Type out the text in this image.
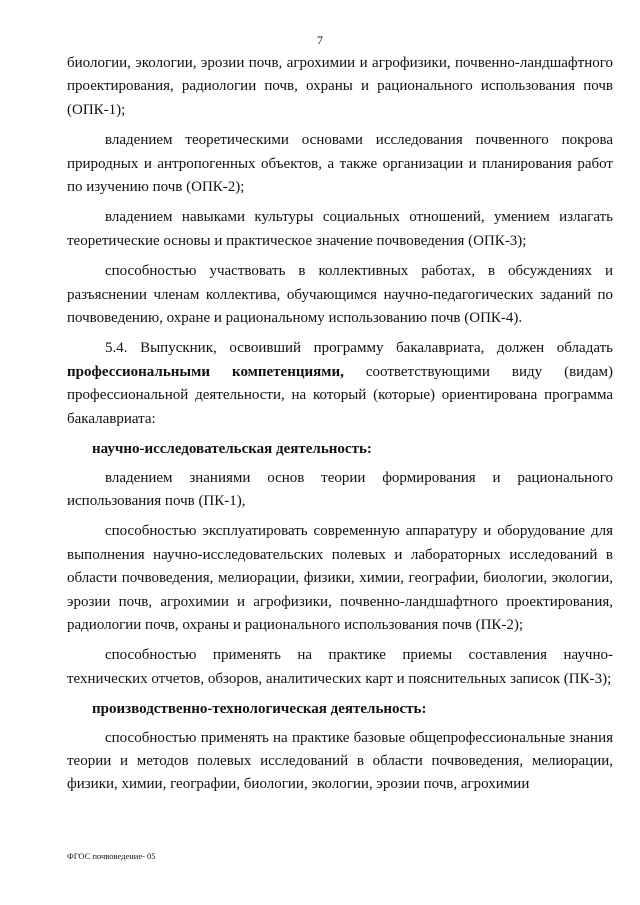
7

биологии, экологии, эрозии почв, агрохимии и агрофизики, почвенно-ландшафтного проектирования, радиологии почв, охраны и рационального использования почв (ОПК-1);

владением теоретическими основами исследования почвенного покрова природных и антропогенных объектов, а также организации и планирования работ по изучению почв (ОПК-2);

владением навыками культуры социальных отношений, умением излагать теоретические основы и практическое значение почвоведения (ОПК-3);

способностью участвовать в коллективных работах, в обсуждениях и разъяснении членам коллектива, обучающимся научно-педагогических заданий по почвоведению, охране и рациональному использованию почв (ОПК-4).

5.4. Выпускник, освоивший программу бакалавриата, должен обладать профессиональными компетенциями, соответствующими виду (видам) профессиональной деятельности, на который (которые) ориентирована программа бакалавриата:

научно-исследовательская деятельность:

владением знаниями основ теории формирования и рационального использования почв (ПК-1),

способностью эксплуатировать современную аппаратуру и оборудование для выполнения научно-исследовательских полевых и лабораторных исследований в области почвоведения, мелиорации, физики, химии, географии, биологии, экологии, эрозии почв, агрохимии и агрофизики, почвенно-ландшафтного проектирования, радиологии почв, охраны и рационального использования почв (ПК-2);

способностью применять на практике приемы составления научно-технических отчетов, обзоров, аналитических карт и пояснительных записок (ПК-3);

производственно-технологическая деятельность:

способностью применять на практике базовые общепрофессиональные знания теории и методов полевых исследований в области почвоведения, мелиорации, физики, химии, географии, биологии, экологии, эрозии почв, агрохимии

ФГОС почвоведение- 05
